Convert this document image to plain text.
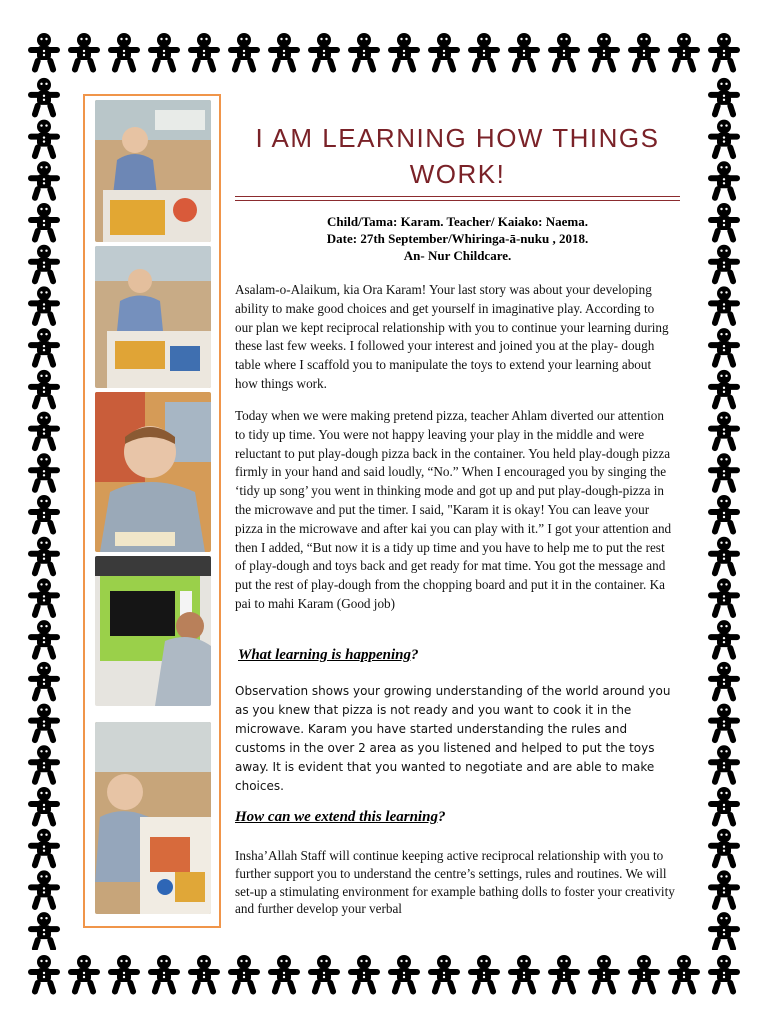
I AM LEARNING HOW THINGS WORK!
Child/Tama: Karam. Teacher/ Kaiako: Naema.
Date: 27th September/Whiringa-ā-nuku , 2018.
An- Nur Childcare.

Asalam-o-Alaikum, kia Ora Karam! Your last story was about your developing ability to make good choices and get yourself in imaginative play. According to our plan we kept reciprocal relationship with you to continue your learning during these last few weeks. I followed your interest and joined you at the play- dough table where I scaffold you to manipulate the toys to extend your learning about how things work.

Today when we were making pretend pizza, teacher Ahlam diverted our attention to tidy up time. You were not happy leaving your play in the middle and were reluctant to put play-dough pizza back in the container. You held play-dough pizza firmly in your hand and said loudly, “No.” When I encouraged you by singing the ‘tidy up song’ you went in thinking mode and got up and put play-dough-pizza in the microwave and put the timer. I said, "Karam it is okay! You can leave your pizza in the microwave and after kai you can play with it.” I got your attention and then I added, “But now it is a tidy up time and you have to help me to put the rest of play-dough and toys back and get ready for mat time. You got the message and put the rest of play-dough from the chopping board and put it in the container. Ka pai to mahi Karam (Good job)

What learning is happening?

Observation shows your growing understanding of the world around you as you knew that pizza is not ready and you want to cook it in the microwave. Karam you have started understanding the rules and customs in the over 2 area as you listened and helped to put the toys away. It is evident that you wanted to negotiate and are able to make choices.

How can we extend this learning?

Insha’Allah Staff will continue keeping active reciprocal relationship with you to further support you to understand the centre’s settings, rules and routines. We will set-up a stimulating environment for example bathing dolls to foster your creativity and further develop your verbal
